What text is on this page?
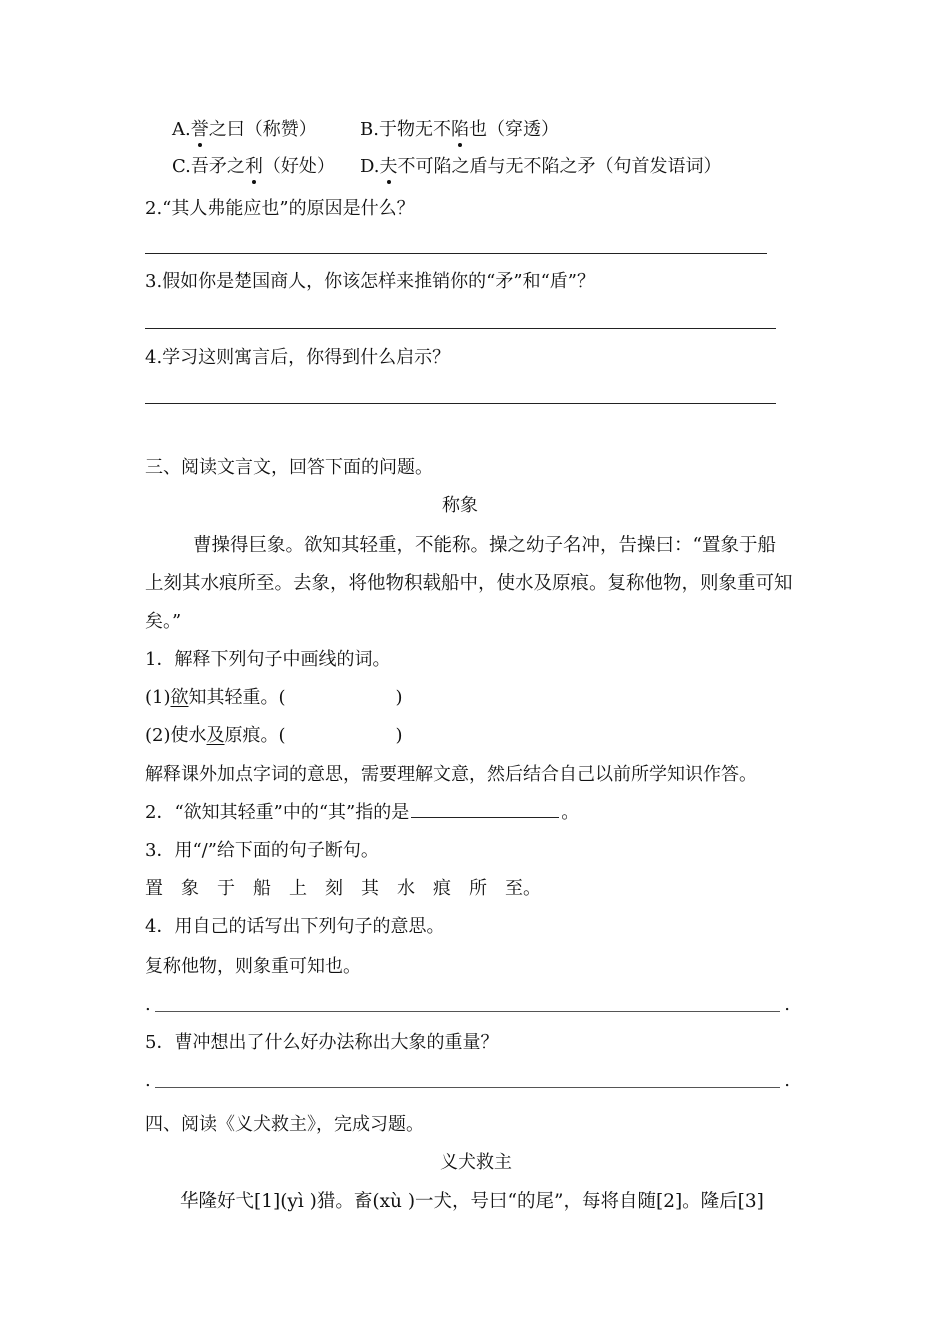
A.誉之曰（称赞） B.于物无不陷也（穿透）
C.吾矛之利（好处） D.夫不可陷之盾与无不陷之矛（句首发语词）
2.“其人弗能应也”的原因是什么？
3.假如你是楚国商人，你该怎样来推销你的“矛”和“盾”？
4.学习这则寓言后，你得到什么启示？
三、阅读文言文，回答下面的问题。
称象
曹操得巨象。欲知其轻重，不能称。操之幼子名冲，告操曰：“置象于船
上刻其水痕所至。去象，将他物积载船中，使水及原痕。复称他物，则象重可知
矣。”
1．解释下列句子中画线的词。
(1)欲知其轻重。(	)
(2)使水及原痕。(	)
解释课外加点字词的意思，需要理解文意，然后结合自己以前所学知识作答。
2．“欲知其轻重”中的“其”指的是	。
3．用“/”给下面的句子断句。
置 象 于 船 上 刻 其 水 痕 所 至。
4．用自己的话写出下列句子的意思。
复称他物，则象重可知也。
.	.
5．曹冲想出了什么好办法称出大象的重量？
.	.
四、阅读《义犬救主》，完成习题。
义犬救主
华隆好弋[1](yì )猎。畜(xù )一犬，号曰“的尾”，每将自随[2]。隆后[3]
